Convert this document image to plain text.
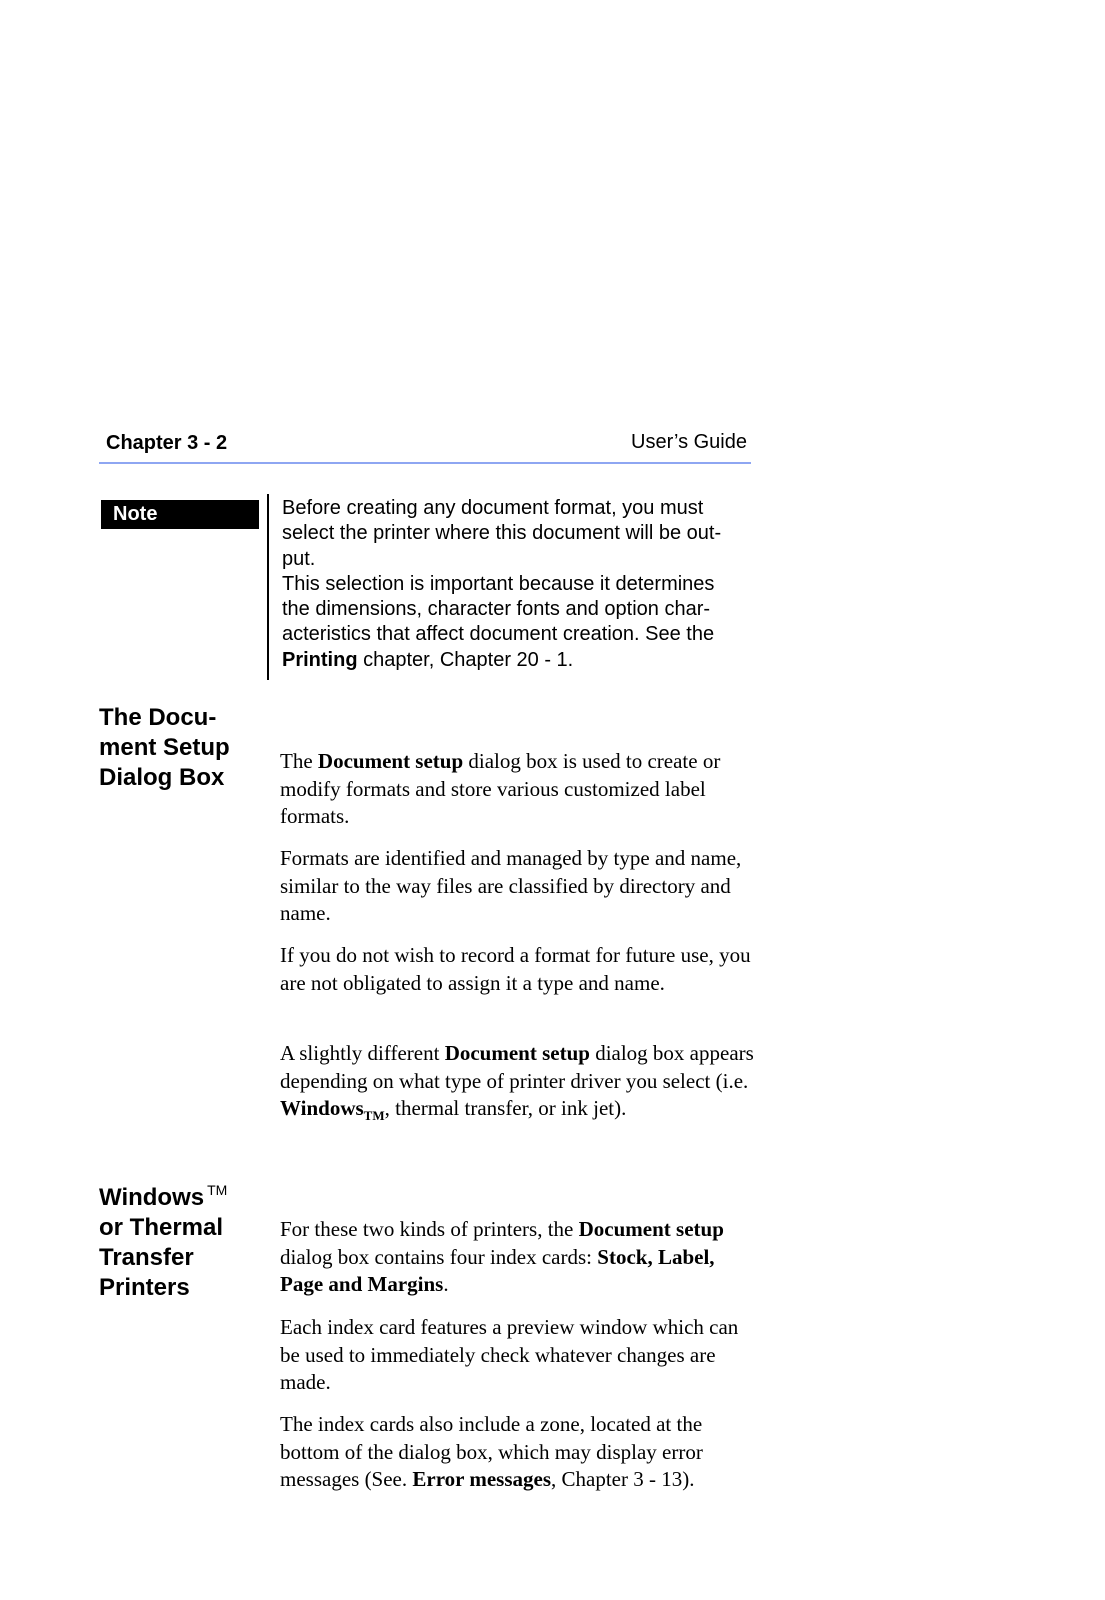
Chapter 3 - 2	User’s Guide
Note	Before creating any document format, you must select the printer where this document will be out-put.

This selection is important because it determines
the dimensions, character fonts and option char-
acteristics that affect document creation. See the
Printing chapter, Chapter 20 - 1.

The Docu-
ment Setup
Dialog Box

The Document setup dialog box is used to create or modify formats and store various customized label formats.

Formats are identified and managed by type and name, similar to the way files are classified by directory and name.

If you do not wish to record a format for future use, you are not obligated to assign it a type and name.

A slightly different Document setup dialog box appears depending on what type of printer driver you select (i.e. Windows$_{TM}$, thermal transfer, or ink jet).

Windows ™
or Thermal
Transfer
Printers

For these two kinds of printers, the Document setup dialog box contains four index cards: Stock, Label, Page and Margins.

Each index card features a preview window which can be used to immediately check whatever changes are made.

The index cards also include a zone, located at the bottom of the dialog box, which may display error messages (See. Error messages, Chapter 3 - 13).
